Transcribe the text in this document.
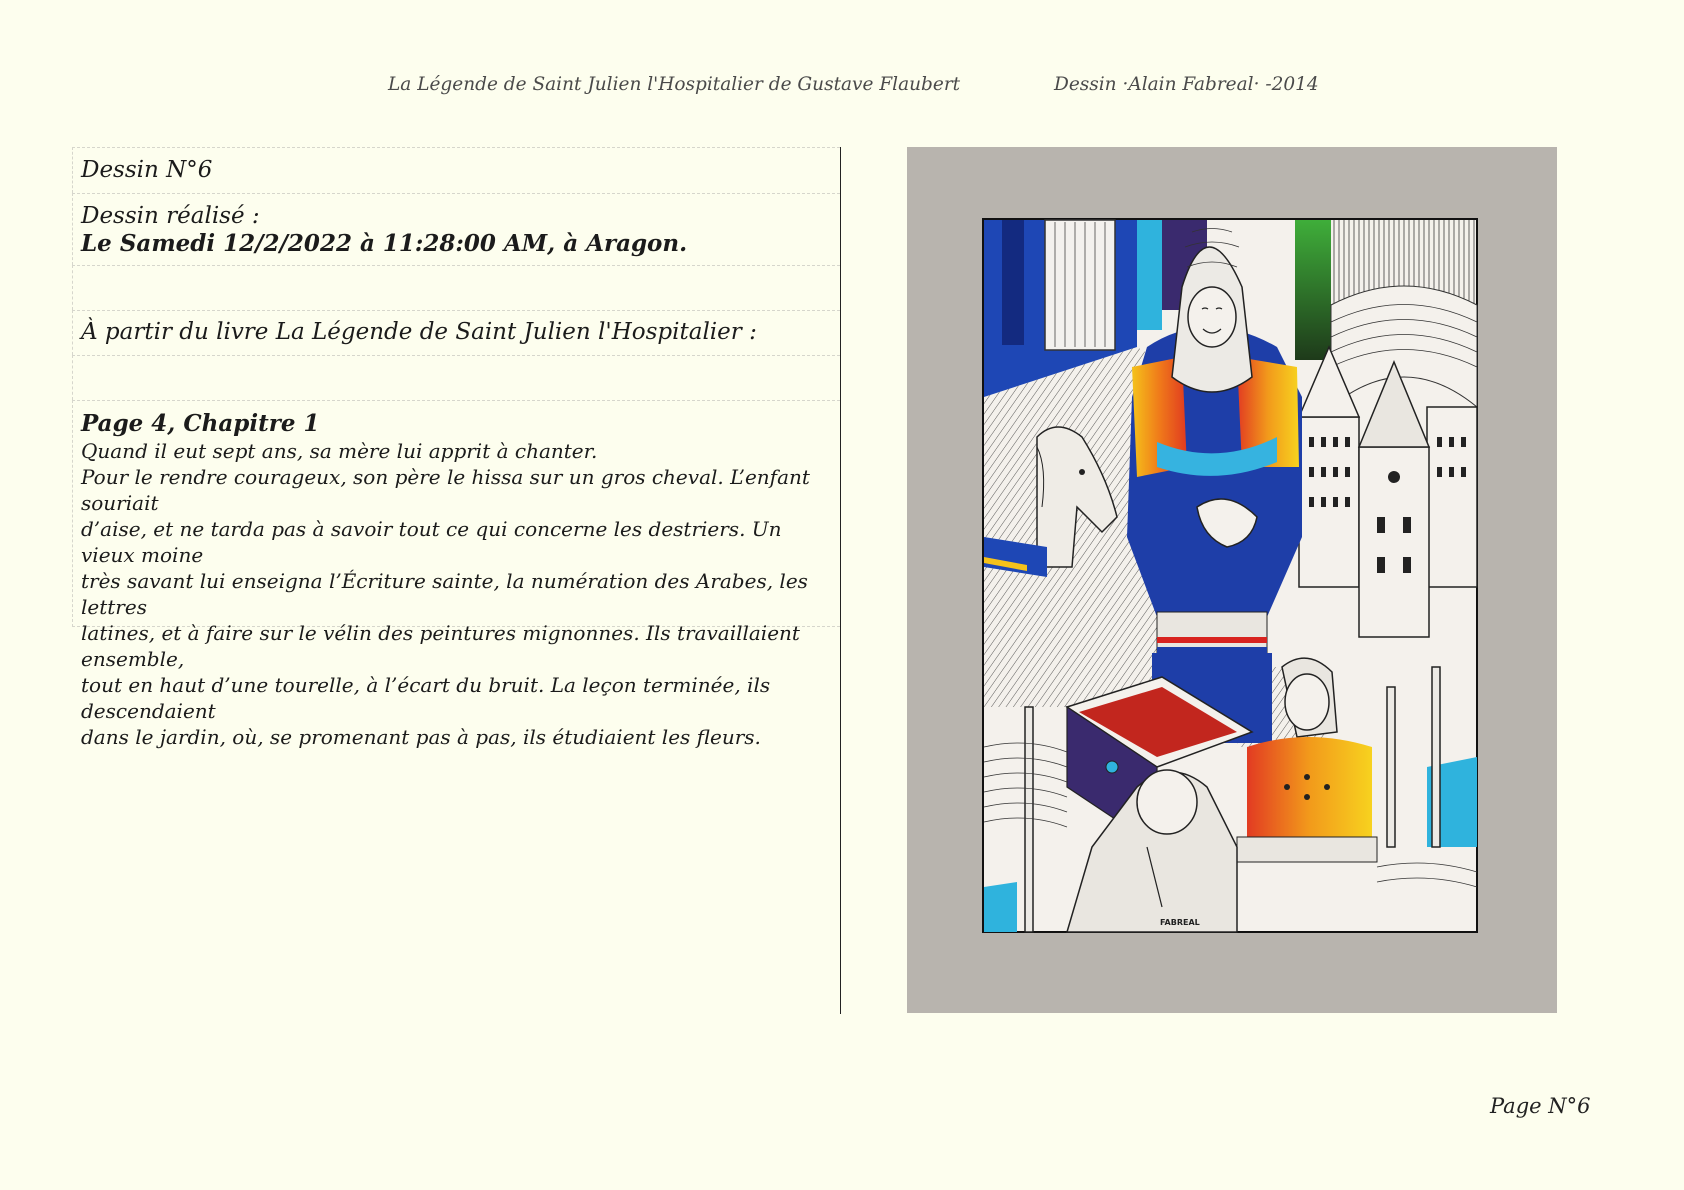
La Légende de Saint Julien l'Hospitalier de Gustave Flaubert	Dessin ·Alain Fabreal· -2014
Dessin N°6
Dessin réalisé :
Le Samedi 12/2/2022 à 11:28:00 AM, à Aragon.
À partir du livre La Légende de Saint Julien l'Hospitalier :
Page 4, Chapitre 1
Quand il eut sept ans, sa mère lui apprit à chanter.
Pour le rendre courageux, son père le hissa sur un gros cheval. L’enfant souriait
d’aise, et ne tarda pas à savoir tout ce qui concerne les destriers. Un vieux moine
très savant lui enseigna l’Écriture sainte, la numération des Arabes, les lettres
latines, et à faire sur le vélin des peintures mignonnes. Ils travaillaient ensemble,
tout en haut d’une tourelle, à l’écart du bruit. La leçon terminée, ils descendaient
dans le jardin, où, se promenant pas à pas, ils étudiaient les fleurs.
FABREAL
Page N°6
